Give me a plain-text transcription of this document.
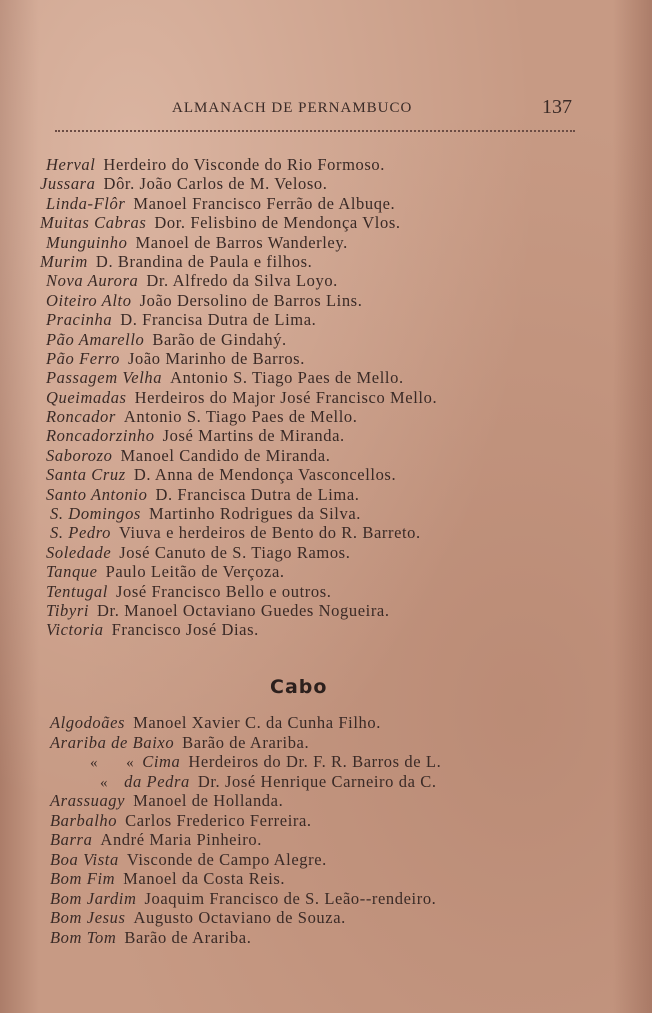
ALMANACH DE PERNAMBUCO	137
Herval Herdeiro do Visconde do Rio Formoso.
Jussara Dôr. João Carlos de M. Veloso.
Linda-Flôr Manoel Francisco Ferrão de Albuqe.
Muitas Cabras Dor. Felisbino de Mendonça Vlos.
Munguinho Manoel de Barros Wanderley.
Murim D. Brandina de Paula e filhos.
Nova Aurora Dr. Alfredo da Silva Loyo.
Oiteiro Alto João Dersolino de Barros Lins.
Pracinha D. Francisa Dutra de Lima.
Pão Amarello Barão de Gindahý.
Pão Ferro João Marinho de Barros.
Passagem Velha Antonio S. Tiago Paes de Mello.
Queimadas Herdeiros do Major José Francisco Mello.
Roncador Antonio S. Tiago Paes de Mello.
Roncadorzinho José Martins de Miranda.
Saborozo Manoel Candido de Miranda.
Santa Cruz D. Anna de Mendonça Vasconcellos.
Santo Antonio D. Francisca Dutra de Lima.
S. Domingos Martinho Rodrigues da Silva.
S. Pedro Viuva e herdeiros de Bento do R. Barreto.
Soledade José Canuto de S. Tiago Ramos.
Tanque Paulo Leitão de Verçoza.
Tentugal José Francisco Bello e outros.
Tibyri Dr. Manoel Octaviano Guedes Nogueira.
Victoria Francisco José Dias.
Cabo
Algodoães Manoel Xavier C. da Cunha Filho.
Arariba de Baixo Barão de Arariba.
« « Cima Herdeiros do Dr. F. R. Barros de L.
« da Pedra Dr. José Henrique Carneiro da C.
Arassuagy Manoel de Hollanda.
Barbalho Carlos Frederico Ferreira.
Barra André Maria Pinheiro.
Boa Vista Visconde de Campo Alegre.
Bom Fim Manoel da Costa Reis.
Bom Jardim Joaquim Francisco de S. Leão--rendeiro.
Bom Jesus Augusto Octaviano de Souza.
Bom Tom Barão de Arariba.
